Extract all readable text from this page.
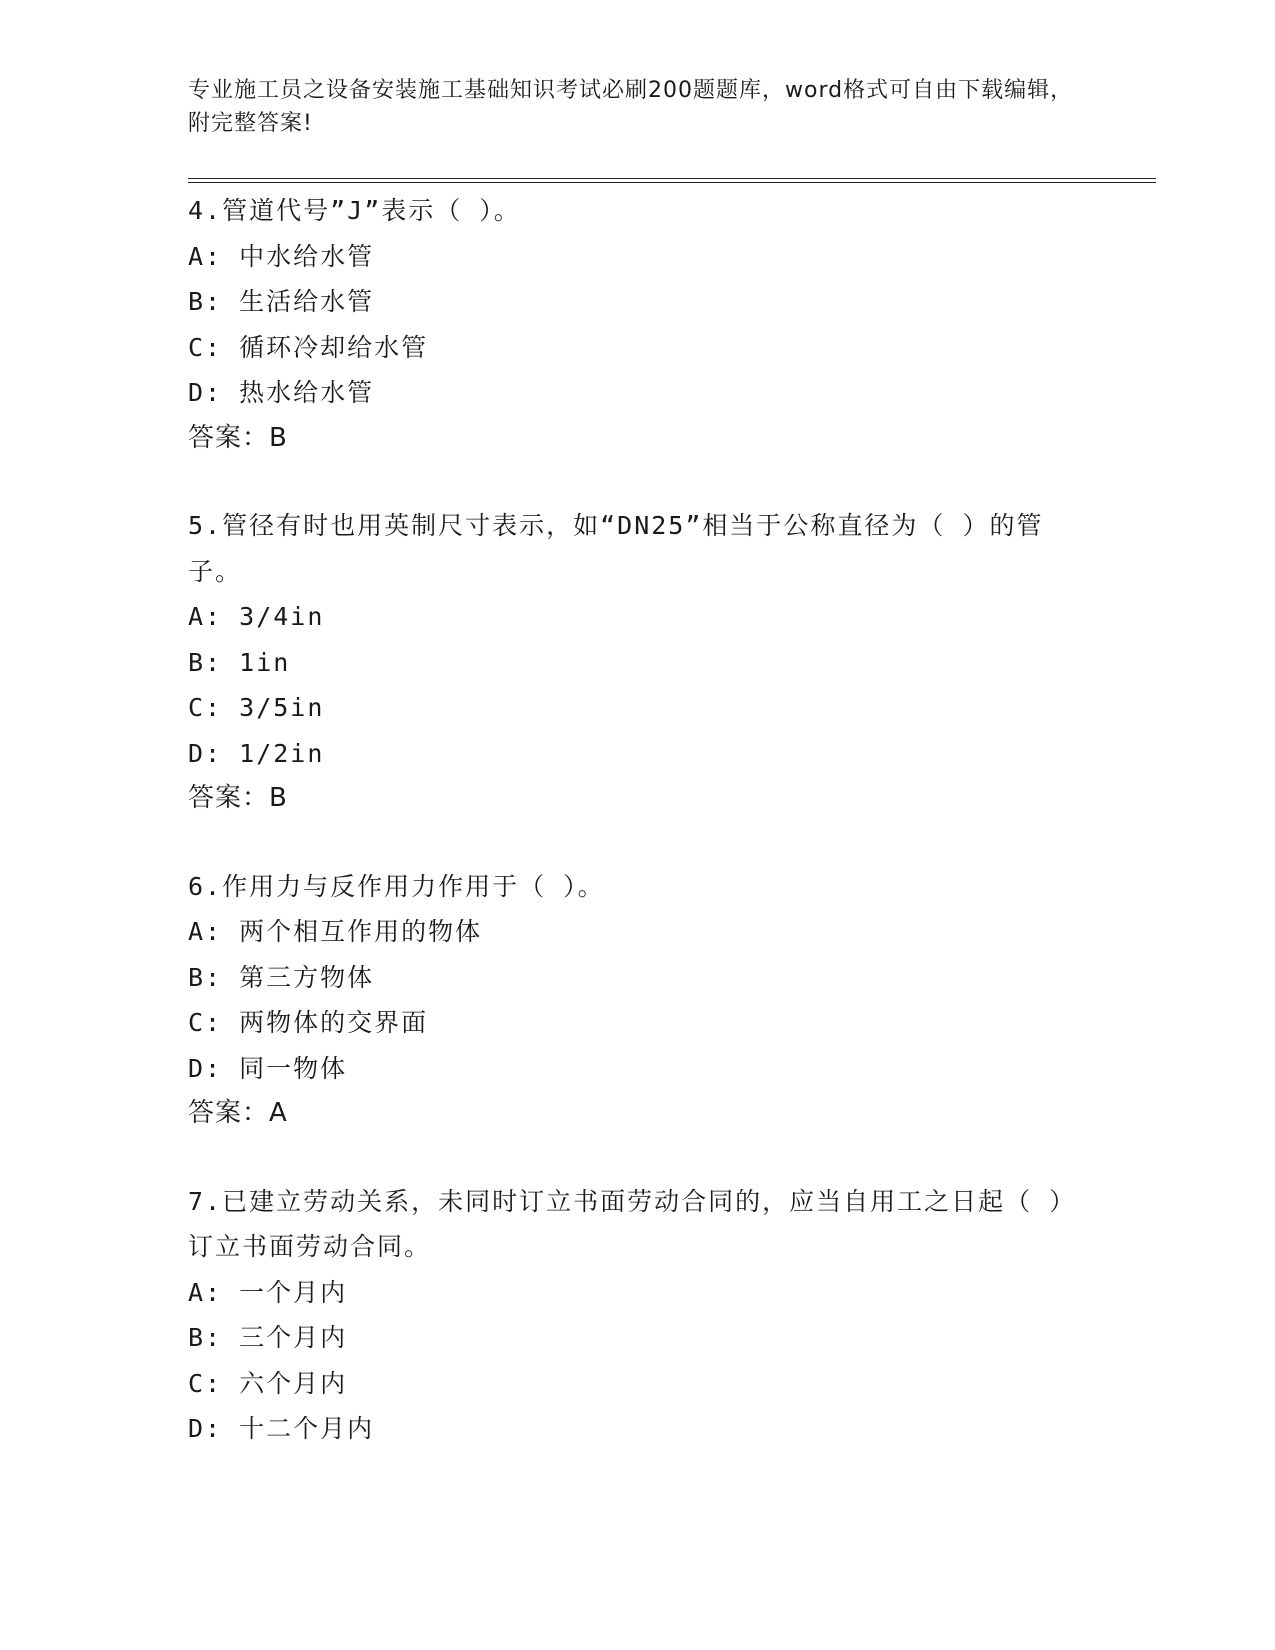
专业施工员之设备安装施工基础知识考试必刷200题题库，word格式可自由下载编辑，附完整答案!
4.管道代号”J”表示（ ）。
A: 中水给水管
B: 生活给水管
C: 循环冷却给水管
D: 热水给水管
答案：B
5.管径有时也用英制尺寸表示，如“DN25”相当于公称直径为（ ）的管子。
A: 3/4in
B: 1in
C: 3/5in
D: 1/2in
答案：B
6.作用力与反作用力作用于（ ）。
A: 两个相互作用的物体
B: 第三方物体
C: 两物体的交界面
D: 同一物体
答案：A
7.已建立劳动关系，未同时订立书面劳动合同的，应当自用工之日起（ ）订立书面劳动合同。
A: 一个月内
B: 三个月内
C: 六个月内
D: 十二个月内
